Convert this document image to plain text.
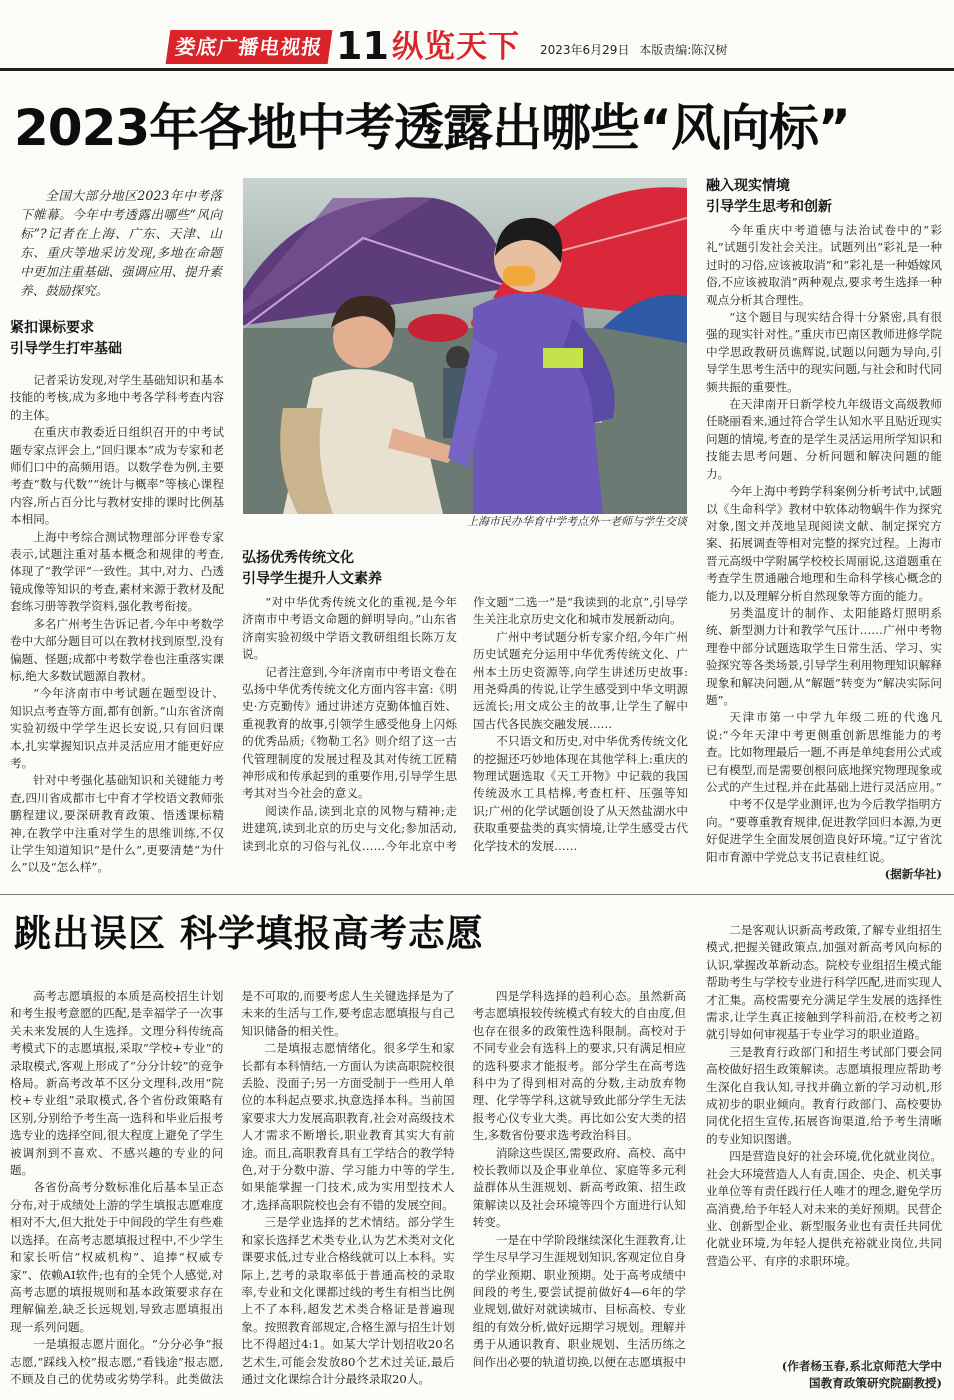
娄底广播电视报 11 纵览天下 2023年6月29日 本版责编:陈汉树
2023年各地中考透露出哪些“风向标”

全国大部分地区2023年中考落下帷幕。今年中考透露出哪些“风向标”?记者在上海、广东、天津、山东、重庆等地采访发现,多地在命题中更加注重基础、强调应用、提升素养、鼓励探究。

上海市民办华育中学考点外一老师与学生交谈
紧扣课标要求
引导学生打牢基础

记者采访发现,对学生基础知识和基本技能的考核,成为多地中考各学科考查内容的主体。

在重庆市教委近日组织召开的中考试题专家点评会上,“回归课本”成为专家和老师们口中的高频用语。以数学卷为例,主要考查“数与代数”“统计与概率”等核心课程内容,所占百分比与教材安排的课时比例基本相同。

上海中考综合测试物理部分评卷专家表示,试题注重对基本概念和规律的考查,体现了“教学评”一致性。其中,对力、凸透镜成像等知识的考查,素材来源于教材及配套练习册等教学资料,强化教考衔接。

多名广州考生告诉记者,今年中考数学卷中大部分题目可以在教材找到原型,没有偏题、怪题;成都中考数学卷也注重落实课标,绝大多数试题源自教材。

“今年济南市中考试题在题型设计、知识点考查等方面,都有创新。”山东省济南实验初级中学学生迟长安说,只有回归课本,扎实掌握知识点并灵活应用才能更好应考。

针对中考强化基础知识和关键能力考查,四川省成都市七中育才学校语文教师张鹏程建议,要深研教育政策、悟透课标精神,在教学中注重对学生的思维训练,不仅让学生知道知识“是什么”,更要清楚“为什么”以及“怎么样”。

弘扬优秀传统文化
引导学生提升人文素养

“对中华优秀传统文化的重视,是今年济南市中考语文命题的鲜明导向。”山东省济南实验初级中学语文教研组组长陈万友说。

记者注意到,今年济南市中考语文卷在弘扬中华优秀传统文化方面内容丰富:《明史·方克勤传》通过讲述方克勤体恤百姓、重视教育的故事,引领学生感受他身上闪烁的优秀品质;《物勒工名》则介绍了这一古代管理制度的发展过程及其对传统工匠精神形成和传承起到的重要作用,引导学生思考其对当今社会的意义。

阅读作品,读到北京的风物与精神;走进建筑,读到北京的历史与文化;参加活动,读到北京的习俗与礼仪……今年北京中考作文题“二选一”是“我读到的北京”,引导学生关注北京历史文化和城市发展新动向。

广州中考试题分析专家介绍,今年广州历史试题充分运用中华优秀传统文化、广州本土历史资源等,向学生讲述历史故事:用尧舜禹的传说,让学生感受到中华文明源远流长;用文成公主的故事,让学生了解中国古代各民族交融发展……

不只语文和历史,对中华优秀传统文化的挖掘还巧妙地体现在其他学科上:重庆的物理试题选取《天工开物》中记载的我国传统汲水工具桔槔,考查杠杆、压强等知识;广州的化学试题创设了从天然盐湖水中获取重要盐类的真实情境,让学生感受古代化学技术的发展……

融入现实情境
引导学生思考和创新

今年重庆中考道德与法治试卷中的“彩礼”试题引发社会关注。试题列出“彩礼是一种过时的习俗,应该被取消”和“彩礼是一种婚嫁风俗,不应该被取消”两种观点,要求考生选择一种观点分析其合理性。

“这个题目与现实结合得十分紧密,具有很强的现实针对性。”重庆市巴南区教师进修学院中学思政教研员谯辉说,试题以问题为导向,引导学生思考生活中的现实问题,与社会和时代同频共振的重要性。

在天津南开日新学校九年级语文高级教师任晓丽看来,通过符合学生认知水平且贴近现实问题的情境,考查的是学生灵活运用所学知识和技能去思考问题、分析问题和解决问题的能力。

今年上海中考跨学科案例分析考试中,试题以《生命科学》教材中软体动物蜗牛作为探究对象,图文并茂地呈现阅读文献、制定探究方案、拓展调查等相对完整的探究过程。上海市晋元高级中学附属学校校长周丽说,这道题重在考查学生贯通融合地理和生命科学核心概念的能力,以及理解分析自然现象等方面的能力。

另类温度计的制作、太阳能路灯照明系统、新型测力计和教学气压计……广州中考物理卷中部分试题选取学生日常生活、学习、实验探究等各类场景,引导学生利用物理知识解释现象和解决问题,从“解题”转变为“解决实际问题”。

天津市第一中学九年级二班的代逸凡说:“今年天津中考更侧重创新思维能力的考查。比如物理最后一题,不再是单纯套用公式或已有模型,而是需要创根问底地探究物理现象或公式的产生过程,并在此基础上进行灵活应用。”

中考不仅是学业测评,也为今后教学指明方向。“要尊重教育规律,促进教学回归本源,为更好促进学生全面发展创造良好环境。”辽宁省沈阳市育源中学党总支书记袁桂红说。

(据新华社)
跳出误区 科学填报高考志愿

高考志愿填报的本质是高校招生计划和考生报考意愿的匹配,是幸福学子一次事关未来发展的人生选择。文理分科传统高考模式下的志愿填报,采取“学校+专业”的录取模式,客观上形成了“分分计较”的竞争格局。新高考改革不区分文理科,改用“院校+专业组”录取模式,各个省份政策略有区别,分别给予考生高一选科和毕业后报考选专业的选择空间,很大程度上避免了学生被调剂到不喜欢、不感兴趣的专业的问题。

各省份高考分数标准化后基本呈正态分布,对于成绩处上游的学生填报志愿难度相对不大,但大批处于中间段的学生有些难以选择。在高考志愿填报过程中,不少学生和家长听信“权威机构”、追捧“权威专家”、依赖AI软件;也有的全凭个人感觉,对高考志愿的填报规则和基本政策要求存在理解偏差,缺乏长远规划,导致志愿填报出现一系列问题。

一是填报志愿片面化。“分分必争”报志愿,“踩线入校”报志愿,“看钱途”报志愿,不顾及自己的优势或劣势学科。此类做法是不可取的,而要考虑人生关键选择是为了未来的生活与工作,要考虑志愿填报与自己知识储备的相关性。

二是填报志愿情绪化。很多学生和家长都有本科情结,一方面认为读高职院校很丢脸、没面子;另一方面受制于一些用人单位的本科起点要求,执意选择本科。当前国家要求大力发展高职教育,社会对高级技术人才需求不断增长,职业教育其实大有前途。而且,高职教育具有工学结合的教学特色,对于分数中游、学习能力中等的学生,如果能掌握一门技术,成为实用型技术人才,选择高职院校也会有不错的发展空间。

三是学业选择的艺术情结。部分学生和家长选择艺术类专业,认为艺术类对文化课要求低,过专业合格线就可以上本科。实际上,艺考的录取率低于普通高校的录取率,专业和文化课都过线的考生有相当比例上不了本科,超发艺术类合格证是普遍现象。按照教育部规定,合格生源与招生计划比不得超过4:1。如某大学计划招收20名艺术生,可能会发放80个艺术过关证,最后通过文化课综合计分最终录取20人。

四是学科选择的趋利心态。虽然新高考志愿填报较传统模式有较大的自由度,但也存在很多的政策性选科限制。高校对于不同专业会有选科上的要求,只有满足相应的选科要求才能报考。部分学生在高考选科中为了得到相对高的分数,主动放弃物理、化学等学科,这就导致此部分学生无法报考心仪专业大类。再比如公安大类的招生,多数省份要求选考政治科目。

消除这些误区,需要政府、高校、高中校长教师以及企事业单位、家庭等多元利益群体从生涯规划、新高考政策、招生政策解读以及社会环境等四个方面进行认知转变。

一是在中学阶段继续深化生涯教育,让学生尽早学习生涯规划知识,客观定位自身的学业预期、职业预期。处于高考成绩中间段的考生,要尝试提前做好4—6年的学业规划,做好对就读城市、目标高校、专业组的有效分析,做好远期学习规划。理解并勇于从通识教育、职业规划、生活历练之间作出必要的轨道切换,以便在志愿填报中

二是客观认识新高考政策,了解专业组招生模式,把握关键政策点,加强对新高考风向标的认识,掌握改革新动态。院校专业组招生模式能帮助考生与学校专业进行科学匹配,进而实现人才汇集。高校需要充分满足学生发展的选择性需求,让学生真正接触到学科前沿,在校考之初就引导如何审视基于专业学习的职业道路。

三是教育行政部门和招生考试部门要会同高校做好招生政策解读。志愿填报理应帮助考生深化自我认知,寻找并确立新的学习动机,形成初步的职业倾向。教育行政部门、高校要协同优化招生宣传,拓展咨询渠道,给予考生清晰的专业知识图谱。

四是营造良好的社会环境,优化就业岗位。社会大环境营造人人有责,国企、央企、机关事业单位等有责任践行任人唯才的理念,避免学历高消费,给予年轻人对未来的美好预期。民营企业、创新型企业、新型服务业也有责任共同优化就业环境,为年轻人提供充裕就业岗位,共同营造公平、有序的求职环境。

(作者杨玉春,系北京师范大学中
国教育政策研究院副教授)
